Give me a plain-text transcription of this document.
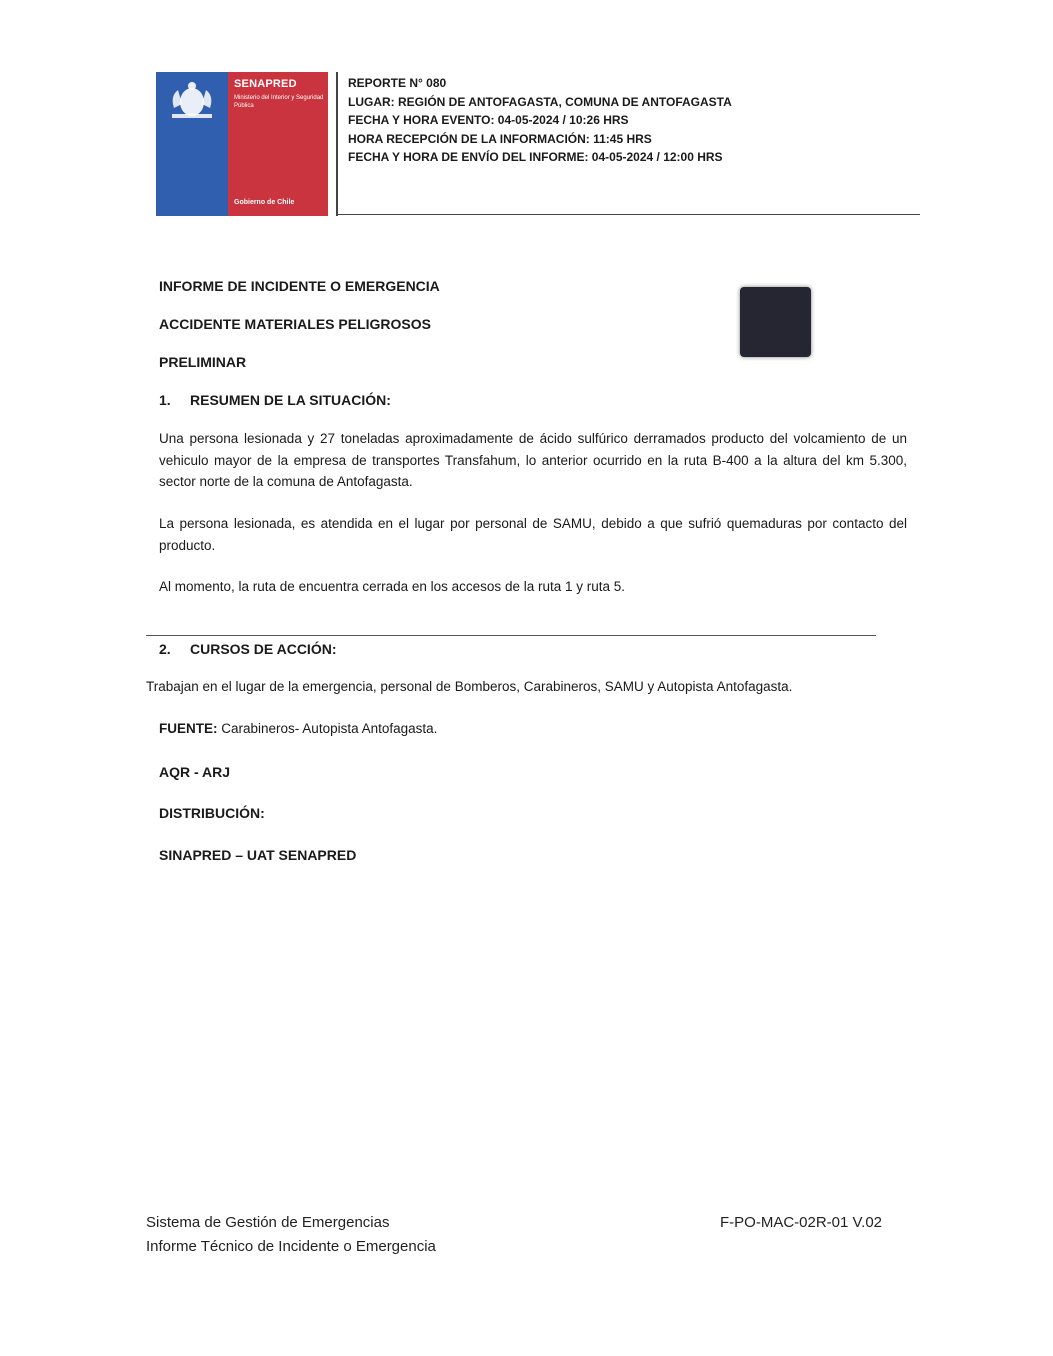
SENAPRED
Ministerio del Interior y Seguridad Pública
Gobierno de Chile
REPORTE N° 080
LUGAR: REGIÓN DE ANTOFAGASTA, COMUNA DE ANTOFAGASTA
FECHA Y HORA EVENTO: 04-05-2024 / 10:26 HRS
HORA RECEPCIÓN DE LA INFORMACIÓN: 11:45 HRS
FECHA Y HORA DE ENVÍO DEL INFORME: 04-05-2024 / 12:00 HRS
INFORME DE INCIDENTE O EMERGENCIA
ACCIDENTE MATERIALES PELIGROSOS
PRELIMINAR
1. RESUMEN DE LA SITUACIÓN:
Una persona lesionada y 27 toneladas aproximadamente de ácido sulfúrico derramados producto del volcamiento de un vehiculo mayor de la empresa de transportes Transfahum, lo anterior ocurrido en la ruta B-400 a la altura del km 5.300, sector norte de la comuna de Antofagasta.
La persona lesionada, es atendida en el lugar por personal de SAMU, debido a que sufrió quemaduras por contacto del producto.
Al momento, la ruta de encuentra cerrada en los accesos de la ruta 1 y ruta 5.
2. CURSOS DE ACCIÓN:
Trabajan en el lugar de la emergencia, personal de Bomberos, Carabineros, SAMU y Autopista Antofagasta.
FUENTE: Carabineros- Autopista Antofagasta.
AQR - ARJ
DISTRIBUCIÓN:
SINAPRED – UAT SENAPRED
Sistema de Gestión de Emergencias
Informe Técnico de Incidente o Emergencia
F-PO-MAC-02R-01 V.02
